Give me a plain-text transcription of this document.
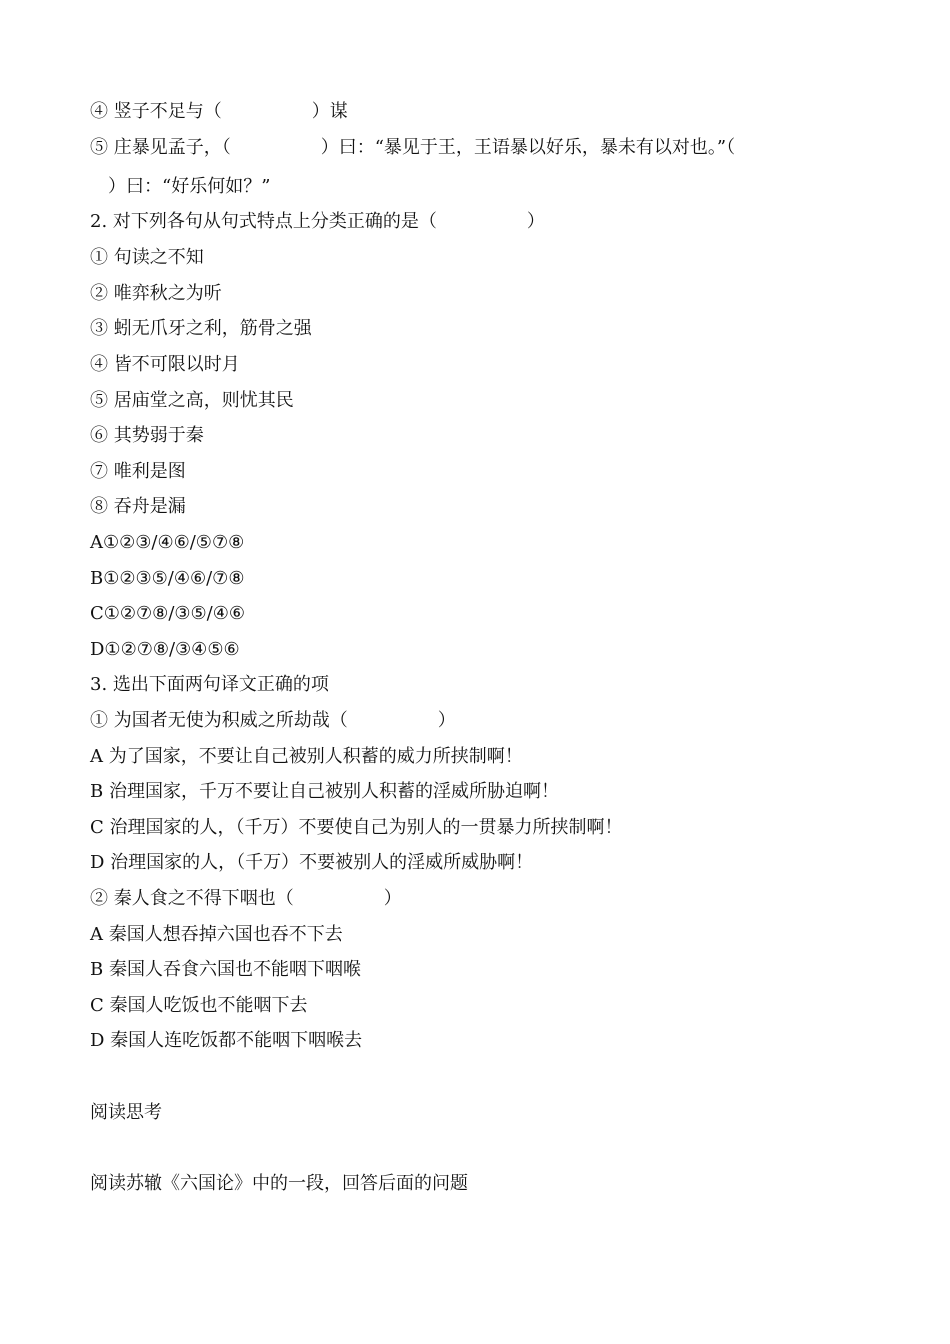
④ 竖子不足与（　　　　　）谋

⑤ 庄暴见孟子，（　　　　　）曰：“暴见于王，王语暴以好乐，暴未有以对也。”（

　）曰：“好乐何如？”

2. 对下列各句从句式特点上分类正确的是（　　　　　）

① 句读之不知

② 唯弈秋之为听

③ 蚓无爪牙之利，筋骨之强

④ 皆不可限以时月

⑤ 居庙堂之高，则忧其民

⑥ 其势弱于秦

⑦ 唯利是图

⑧ 吞舟是漏

A①②③/④⑥/⑤⑦⑧

B①②③⑤/④⑥/⑦⑧

C①②⑦⑧/③⑤/④⑥

D①②⑦⑧/③④⑤⑥

3. 选出下面两句译文正确的项

① 为国者无使为积威之所劫哉（　　　　　）

A 为了国家，不要让自己被别人积蓄的威力所挟制啊！

B 治理国家，千万不要让自己被别人积蓄的淫威所胁迫啊！

C 治理国家的人，（千万）不要使自己为别人的一贯暴力所挟制啊！

D 治理国家的人，（千万）不要被别人的淫威所威胁啊！

② 秦人食之不得下咽也（　　　　　）

A 秦国人想吞掉六国也吞不下去

B 秦国人吞食六国也不能咽下咽喉

C 秦国人吃饭也不能咽下去

D 秦国人连吃饭都不能咽下咽喉去

阅读思考

阅读苏辙《六国论》中的一段，回答后面的问题
